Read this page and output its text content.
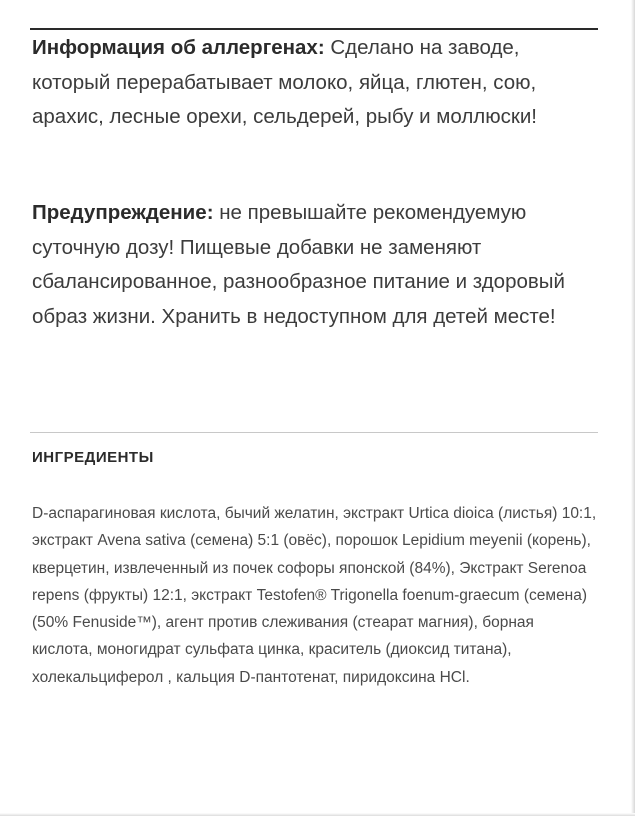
Информация об аллергенах: Сделано на заводе, который перерабатывает молоко, яйца, глютен, сою, арахис, лесные орехи, сельдерей, рыбу и моллюски!

Предупреждение: не превышайте рекомендуемую суточную дозу! Пищевые добавки не заменяют сбалансированное, разнообразное питание и здоровый образ жизни. Хранить в недоступном для детей месте!

ИНГРЕДИЕНТЫ

D-аспарагиновая кислота, бычий желатин, экстракт Urtica dioica (листья) 10:1, экстракт Avena sativa (семена) 5:1 (овёс), порошок Lepidium meyenii (корень), кверцетин, извлеченный из почек софоры японской (84%), Экстракт Serenoa repens (фрукты) 12:1, экстракт Testofen® Trigonella foenum-graecum (семена) (50% Fenuside™), агент против слеживания (стеарат магния), борная кислота, моногидрат сульфата цинка, краситель (диоксид титана), холекальциферол , кальция D-пантотенат, пиридоксина HCl.
